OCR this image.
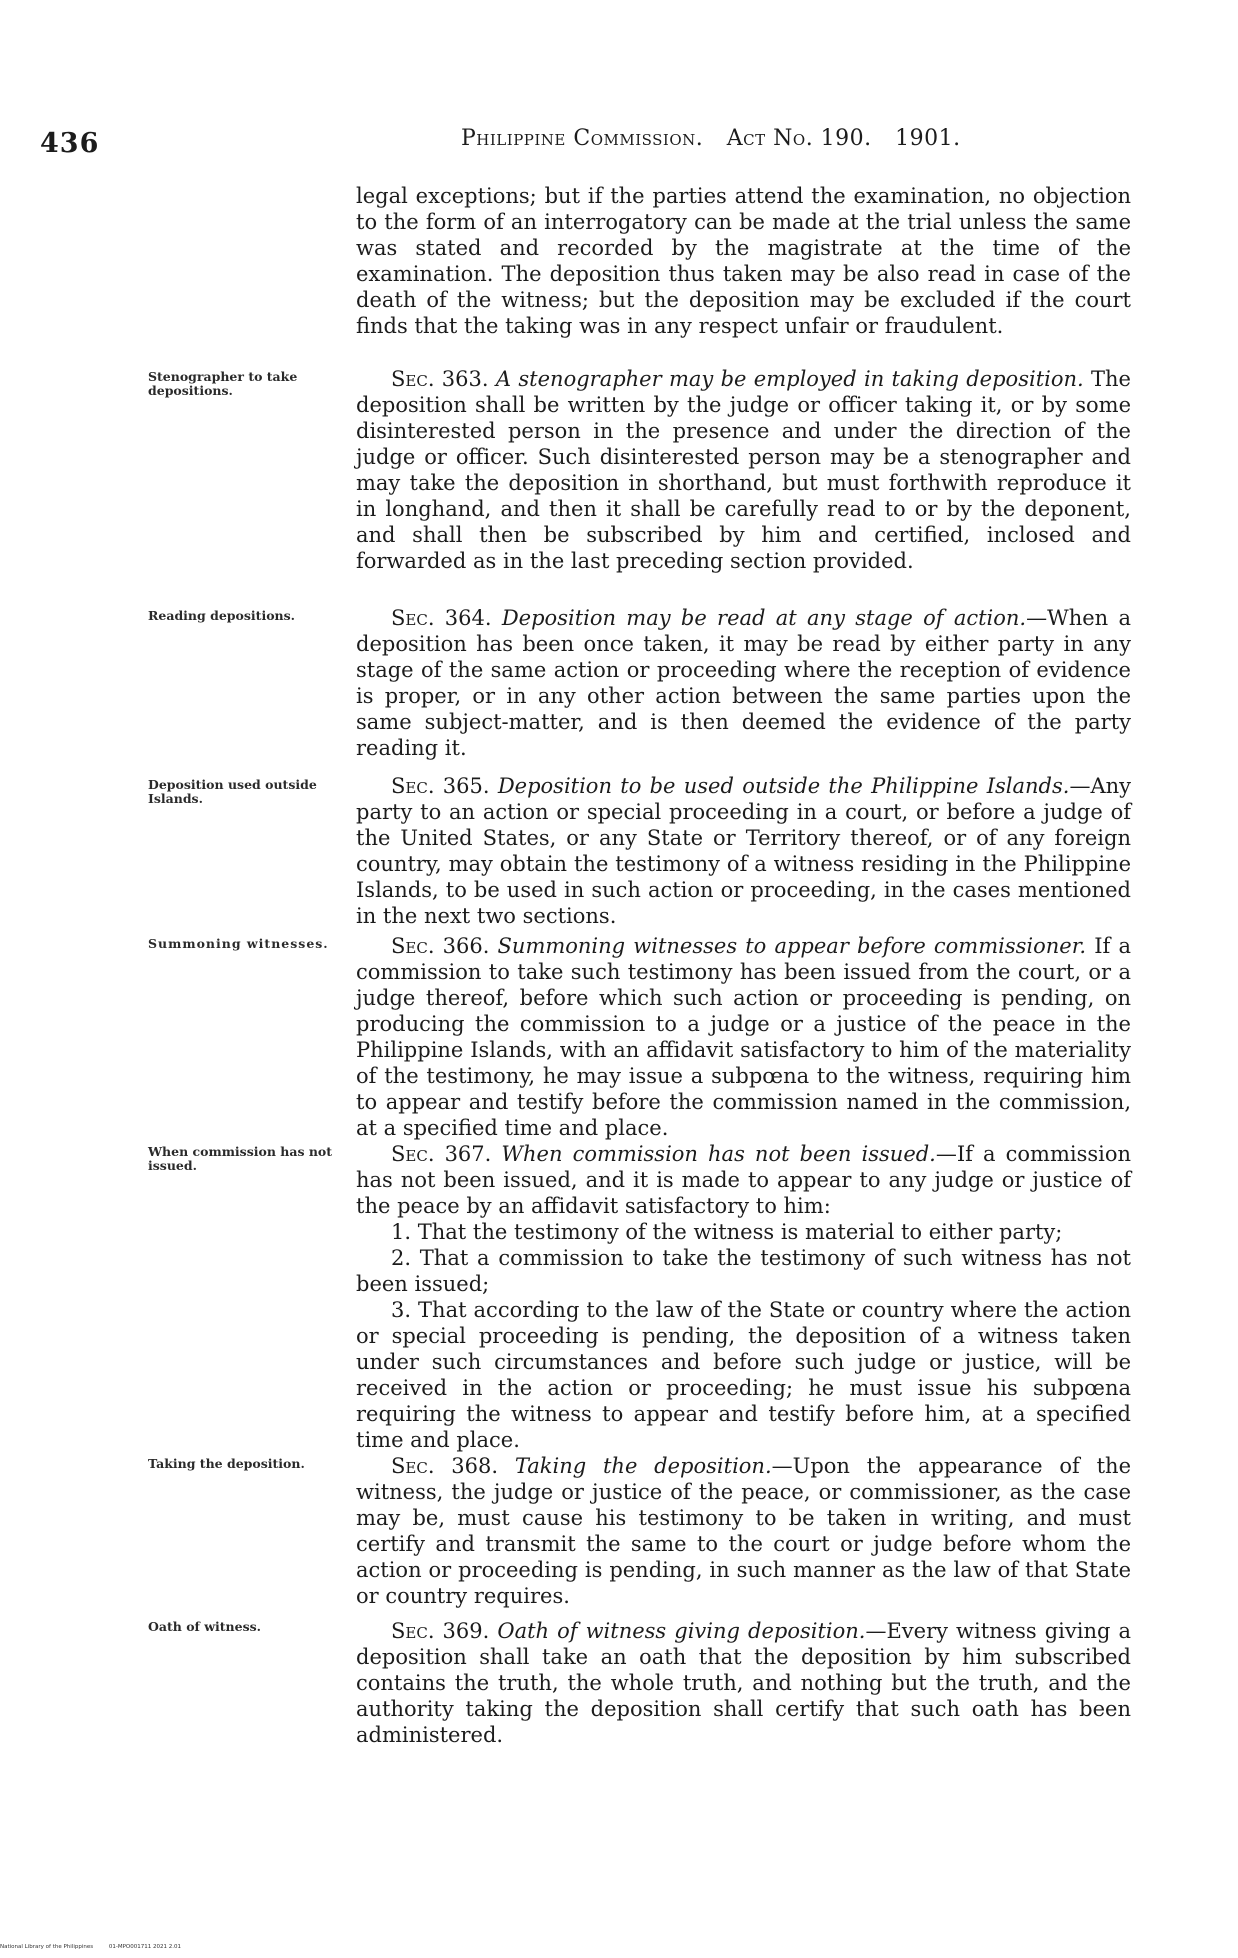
436	Philippine Commission. Act No. 190. 1901.
Stenographer to take depositions.
Reading depositions.
Deposition used outside Islands.
Summoning witnesses.
When commission has not issued.
Taking the deposition.
Oath of witness.

legal exceptions; but if the parties attend the examination, no objection to the form of an interrogatory can be made at the trial unless the same was stated and recorded by the magistrate at the time of the examination. The deposition thus taken may be also read in case of the death of the witness; but the deposition may be excluded if the court finds that the taking was in any respect unfair or fraudulent.

Sec. 363. A stenographer may be employed in taking deposition. The deposition shall be written by the judge or officer taking it, or by some disinterested person in the presence and under the direction of the judge or officer. Such disinterested person may be a stenographer and may take the deposition in shorthand, but must forthwith reproduce it in longhand, and then it shall be carefully read to or by the deponent, and shall then be subscribed by him and certified, inclosed and forwarded as in the last preceding section provided.

Sec. 364. Deposition may be read at any stage of action.—When a deposition has been once taken, it may be read by either party in any stage of the same action or proceeding where the reception of evidence is proper, or in any other action between the same parties upon the same subject-matter, and is then deemed the evidence of the party reading it.

Sec. 365. Deposition to be used outside the Philippine Islands.—Any party to an action or special proceeding in a court, or before a judge of the United States, or any State or Territory thereof, or of any foreign country, may obtain the testimony of a witness residing in the Philippine Islands, to be used in such action or proceeding, in the cases mentioned in the next two sections.

Sec. 366. Summoning witnesses to appear before commissioner. If a commission to take such testimony has been issued from the court, or a judge thereof, before which such action or proceeding is pending, on producing the commission to a judge or a justice of the peace in the Philippine Islands, with an affidavit satisfactory to him of the materiality of the testimony, he may issue a subpœna to the witness, requiring him to appear and testify before the commission named in the commission, at a specified time and place.

Sec. 367. When commission has not been issued.—If a commission has not been issued, and it is made to appear to any judge or justice of the peace by an affidavit satisfactory to him:

1. That the testimony of the witness is material to either party;

2. That a commission to take the testimony of such witness has not been issued;

3. That according to the law of the State or country where the action or special proceeding is pending, the deposition of a witness taken under such circumstances and before such judge or justice, will be received in the action or proceeding; he must issue his subpœna requiring the witness to appear and testify before him, at a specified time and place.

Sec. 368. Taking the deposition.—Upon the appearance of the witness, the judge or justice of the peace, or commissioner, as the case may be, must cause his testimony to be taken in writing, and must certify and transmit the same to the court or judge before whom the action or proceeding is pending, in such manner as the law of that State or country requires.

Sec. 369. Oath of witness giving deposition.—Every witness giving a deposition shall take an oath that the deposition by him subscribed contains the truth, the whole truth, and nothing but the truth, and the authority taking the deposition shall certify that such oath has been administered.

National Library of the Philippines	01-MPO001711 2021 2.01
